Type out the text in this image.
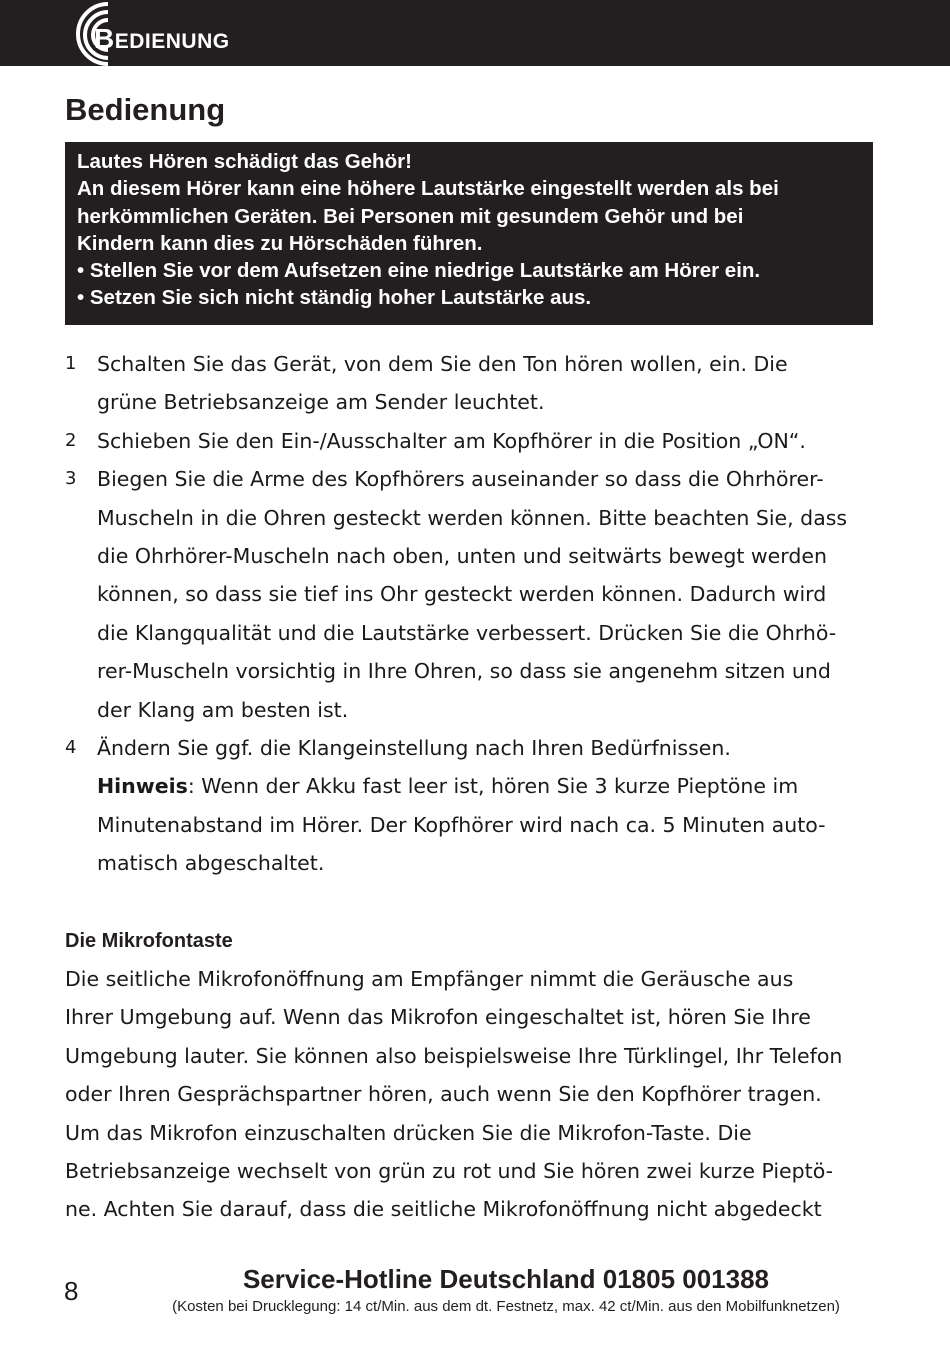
BEDIENUNG
Bedienung
Lautes Hören schädigt das Gehör!
An diesem Hörer kann eine höhere Lautstärke eingestellt werden als bei
herkömmlichen Geräten. Bei Personen mit gesundem Gehör und bei
Kindern kann dies zu Hörschäden führen.
• Stellen Sie vor dem Aufsetzen eine niedrige Lautstärke am Hörer ein.
• Setzen Sie sich nicht ständig hoher Lautstärke aus.
1 Schalten Sie das Gerät, von dem Sie den Ton hören wollen, ein. Die
grüne Betriebsanzeige am Sender leuchtet.
2 Schieben Sie den Ein-/Ausschalter am Kopfhörer in die Position „ON“.
3 Biegen Sie die Arme des Kopfhörers auseinander so dass die Ohrhörer-
Muscheln in die Ohren gesteckt werden können. Bitte beachten Sie, dass
die Ohrhörer-Muscheln nach oben, unten und seitwärts bewegt werden
können, so dass sie tief ins Ohr gesteckt werden können. Dadurch wird
die Klangqualität und die Lautstärke verbessert. Drücken Sie die Ohrhö-
rer-Muscheln vorsichtig in Ihre Ohren, so dass sie angenehm sitzen und
der Klang am besten ist.
4 Ändern Sie ggf. die Klangeinstellung nach Ihren Bedürfnissen.
Hinweis: Wenn der Akku fast leer ist, hören Sie 3 kurze Pieptöne im
Minutenabstand im Hörer. Der Kopfhörer wird nach ca. 5 Minuten auto-
matisch abgeschaltet.
Die Mikrofontaste
Die seitliche Mikrofonöffnung am Empfänger nimmt die Geräusche aus
Ihrer Umgebung auf. Wenn das Mikrofon eingeschaltet ist, hören Sie Ihre
Umgebung lauter. Sie können also beispielsweise Ihre Türklingel, Ihr Telefon
oder Ihren Gesprächspartner hören, auch wenn Sie den Kopfhörer tragen.
Um das Mikrofon einzuschalten drücken Sie die Mikrofon-Taste. Die
Betriebsanzeige wechselt von grün zu rot und Sie hören zwei kurze Pieptö-
ne. Achten Sie darauf, dass die seitliche Mikrofonöffnung nicht abgedeckt
8	Service-Hotline Deutschland 01805 001388
(Kosten bei Drucklegung: 14 ct/Min. aus dem dt. Festnetz, max. 42 ct/Min. aus den Mobilfunknetzen)
